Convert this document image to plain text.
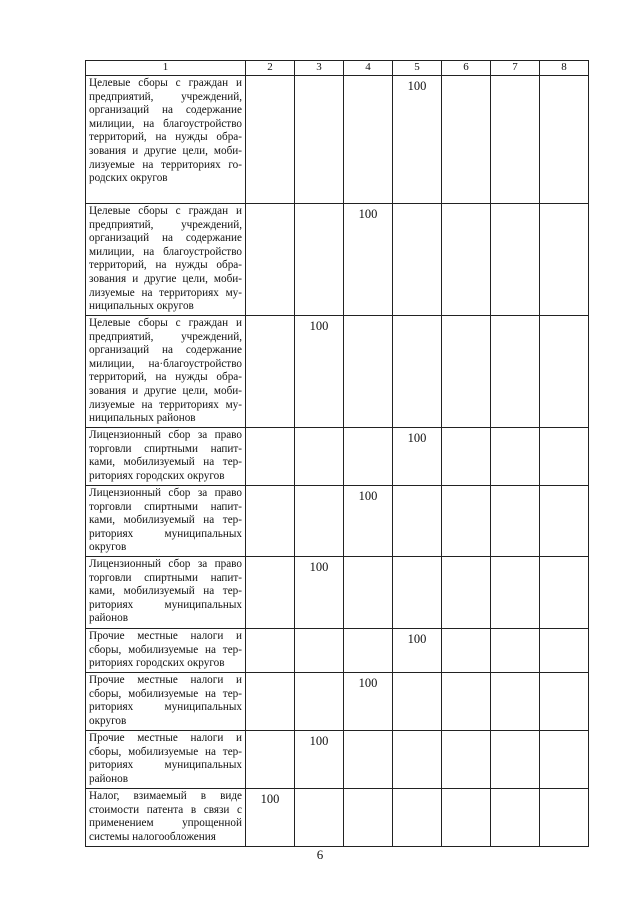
1	2	3	4	5	6	7	8
Целевые сборы с граждан и предприятий, учреждений, организаций на содержание милиции, на благоустройство территорий, на нужды образования и другие цели, мобилизуемые на территориях городских округов				100			
Целевые сборы с граждан и предприятий, учреждений, организаций на содержание милиции, на благоустройство территорий, на нужды образования и другие цели, мобилизуемые на территориях муниципальных округов			100				
Целевые сборы с граждан и предприятий, учреждений, организаций на содержание милиции, на·благоустройство территорий, на нужды образования и другие цели, мобилизуемые на территориях муниципальных районов		100					
Лицензионный сбор за право торговли спиртными напитками, мобилизуемый на территориях городских округов				100			
Лицензионный сбор за право торговли спиртными напитками, мобилизуемый на территориях муниципальных округов			100				
Лицензионный сбор за право торговли спиртными напитками, мобилизуемый на территориях муниципальных районов		100					
Прочие местные налоги и сборы, мобилизуемые на территориях городских округов				100			
Прочие местные налоги и сборы, мобилизуемые на территориях муниципальных округов			100				
Прочие местные налоги и сборы, мобилизуемые на территориях муниципальных районов		100					
Налог, взимаемый в виде стоимости патента в связи с применением упрощенной системы налогообложения	100						
6
